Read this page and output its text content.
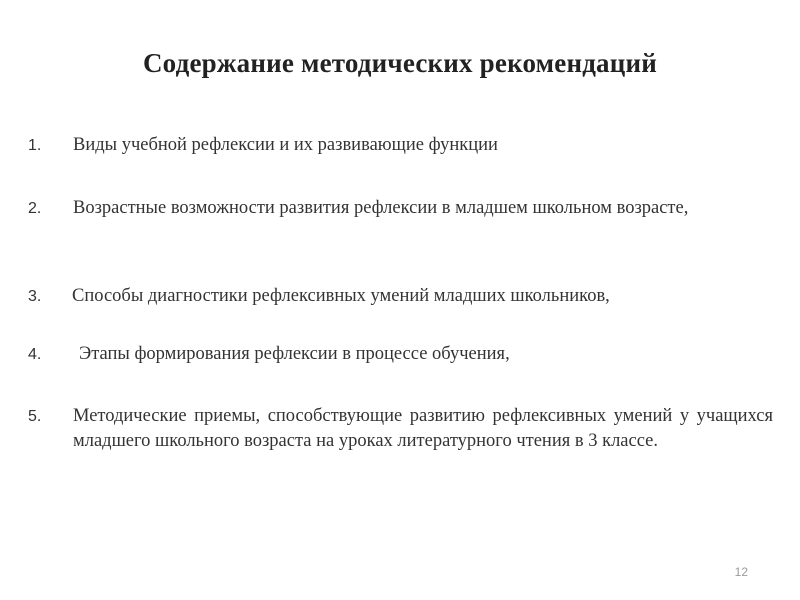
Содержание методических рекомендаций
1. Виды учебной рефлексии и их развивающие функции
2. Возрастные возможности развития рефлексии в младшем школьном возрасте,
3. Способы диагностики рефлексивных умений младших школьников,
4. Этапы формирования рефлексии в процессе обучения,
5. Методические приемы, способствующие развитию рефлексивных умений у учащихся младшего школьного возраста на уроках литературного чтения в 3 классе.
12
